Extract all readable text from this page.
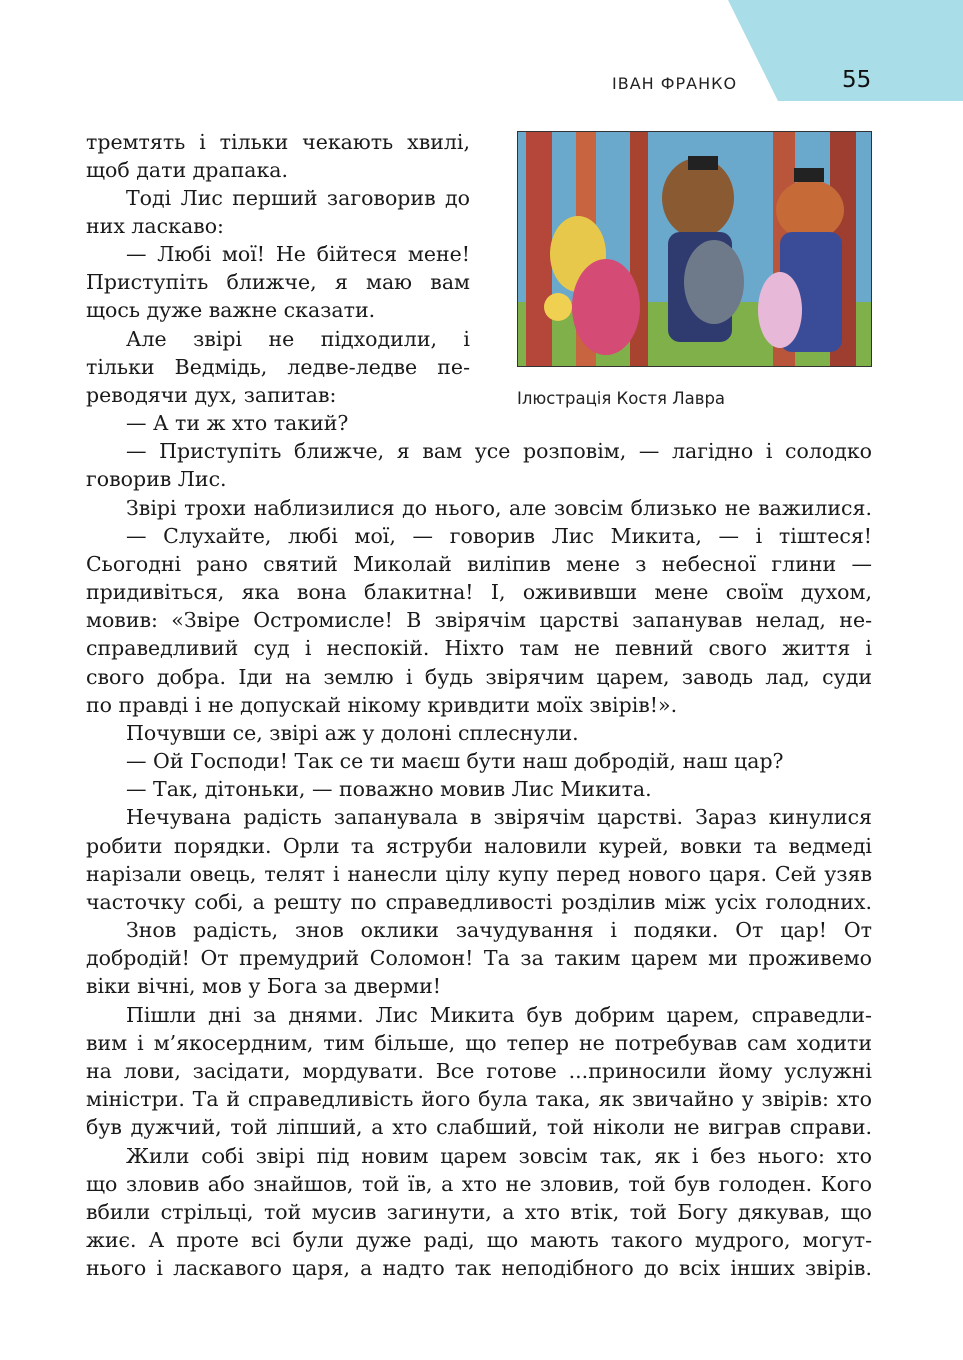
ІВАН ФРАНКО	55
Ілюстрація Костя Лавра
тремтять і тільки чекають хвилі,
щоб дати драпака.
Тоді Лис перший заговорив до
них ласкаво:
— Любі мої! Не бійтеся мене!
Приступіть ближче, я маю вам
щось дуже важне сказати.
Але звірі не підходили, і
тільки Ведмідь, ледве-ледве пе-
реводячи дух, запитав:
— А ти ж хто такий?
— Приступіть ближче, я вам усе розповім, — лагідно і солодко
говорив Лис.
Звірі трохи наблизилися до нього, але зовсім близько не важилися.
— Слухайте, любі мої, — говорив Лис Микита, — і тіштеся!
Сьогодні рано святий Миколай виліпив мене з небесної глини —
придивіться, яка вона блакитна! І, ожививши мене своїм духом,
мовив: «Звіре Остромисле! В звірячім царстві запанував нелад, не-
справедливий суд і неспокій. Ніхто там не певний свого життя і
свого добра. Іди на землю і будь звірячим царем, заводь лад, суди
по правді і не допускай нікому кривдити моїх звірів!».
Почувши се, звірі аж у долоні сплеснули.
— Ой Господи! Так се ти маєш бути наш добродій, наш цар?
— Так, дітоньки, — поважно мовив Лис Микита.
Нечувана радість запанувала в звірячім царстві. Зараз кинулися
робити порядки. Орли та яструби наловили курей, вовки та ведмеді
нарізали овець, телят і нанесли цілу купу перед нового царя. Сей узяв
часточку собі, а решту по справедливості розділив між усіх голодних.
Знов радість, знов оклики зачудування і подяки. От цар! От
добродій! От премудрий Соломон! Та за таким царем ми проживемо
віки вічні, мов у Бога за дверми!
Пішли дні за днями. Лис Микита був добрим царем, справедли-
вим і м’якосердним, тим більше, що тепер не потребував сам ходити
на лови, засідати, мордувати. Все готове ...приносили йому услужні
міністри. Та й справедливість його була така, як звичайно у звірів: хто
був дужчий, той ліпший, а хто слабший, той ніколи не виграв справи.
Жили собі звірі під новим царем зовсім так, як і без нього: хто
що зловив або знайшов, той їв, а хто не зловив, той був голоден. Кого
вбили стрільці, той мусив загинути, а хто втік, той Богу дякував, що
жиє. А проте всі були дуже раді, що мають такого мудрого, могут-
нього і ласкавого царя, а надто так неподібного до всіх інших звірів.
